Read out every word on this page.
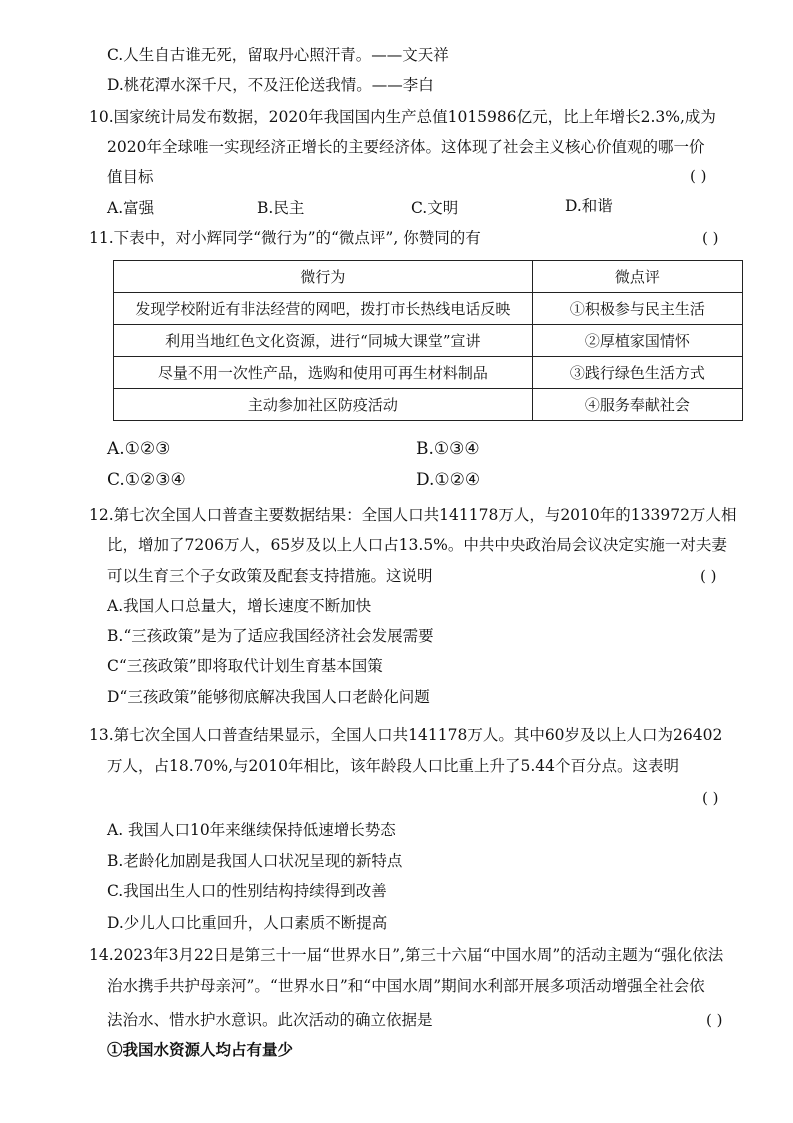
C.人生自古谁无死，留取丹心照汗青。——文天祥
D.桃花潭水深千尺，不及汪伦送我情。——李白
10.国家统计局发布数据，2020年我国国内生产总值1015986亿元，比上年增长2.3%,成为
2020年全球唯一实现经济正增长的主要经济体。这体现了社会主义核心价值观的哪一价
值目标	( )
A.富强	B.民主	C.文明	D.和谐
11.下表中，对小辉同学“微行为”的“微点评”, 你赞同的有	( )
微行为	微点评
发现学校附近有非法经营的网吧，拨打市长热线电话反映	①积极参与民主生活
利用当地红色文化资源，进行“同城大课堂”宣讲	②厚植家国情怀
尽量不用一次性产品，选购和使用可再生材料制品	③践行绿色生活方式
主动参加社区防疫活动	④服务奉献社会
A.①②③	B.①③④
C.①②③④	D.①②④
12.第七次全国人口普查主要数据结果：全国人口共141178万人，与2010年的133972万人相
比，增加了7206万人，65岁及以上人口占13.5%。中共中央政治局会议决定实施一对夫妻
可以生育三个子女政策及配套支持措施。这说明	( )
A.我国人口总量大，增长速度不断加快
B.“三孩政策”是为了适应我国经济社会发展需要
C“三孩政策”即将取代计划生育基本国策
D“三孩政策”能够彻底解决我国人口老龄化问题
13.第七次全国人口普查结果显示，全国人口共141178万人。其中60岁及以上人口为26402
万人，占18.70%,与2010年相比，该年龄段人口比重上升了5.44个百分点。这表明
( )
A. 我国人口10年来继续保持低速增长势态
B.老龄化加剧是我国人口状况呈现的新特点
C.我国出生人口的性别结构持续得到改善
D.少儿人口比重回升，人口素质不断提高
14.2023年3月22日是第三十一届“世界水日”,第三十六届“中国水周”的活动主题为“强化依法
治水携手共护母亲河”。“世界水日”和“中国水周”期间水利部开展多项活动增强全社会依
法治水、惜水护水意识。此次活动的确立依据是	( )
①我国水资源人均占有量少
